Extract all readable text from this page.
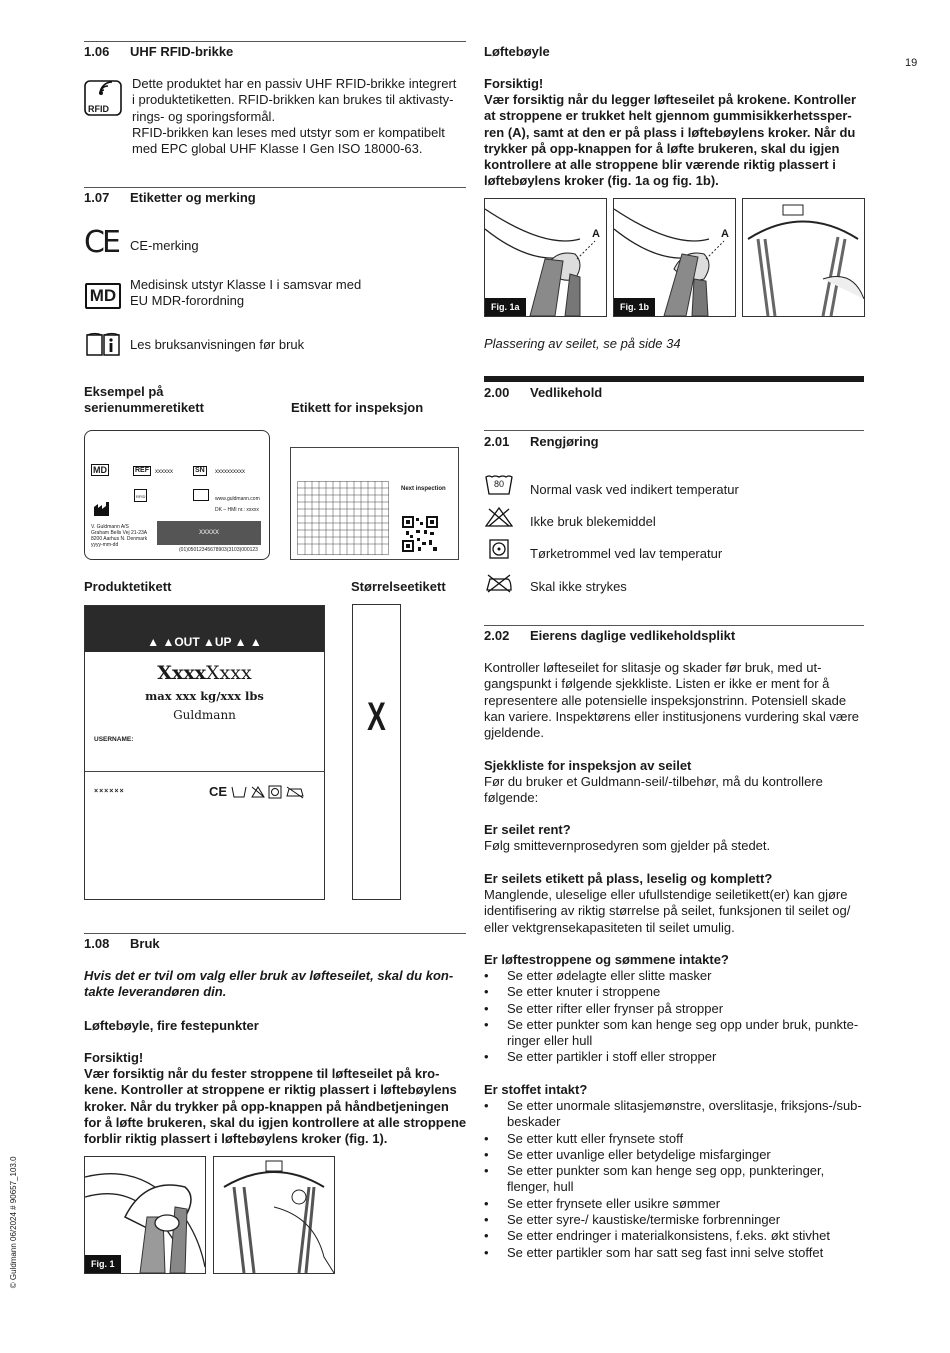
19
© Guldmann 06/2024 # 90657_103.0
1.06 UHF RFID-brikke
RFID
Dette produktet har en passiv UHF RFID-brikke integrert
i produktetiketten. RFID-brikken kan brukes til aktivasty-
rings- og sporingsformål.
RFID-brikken kan leses med utstyr som er kompatibelt
med EPC global UHF Klasse I Gen ISO 18000-63.
1.07 Etiketter og merking
CE CE-merking
MD
Medisinsk utstyr Klasse I i samsvar med
EU MDR-forordning
Les bruksanvisningen før bruk
Eksempel på
serienummeretikett	Etikett for inspeksjon
MD	REF	xxxxxx	SN	xxxxxxxxxx
RFID	www.guldmann.com
DK – HMI nr.: xxxxx
V. Guldmann A/S
Graham Bells Vej 21-23A
8200 Aarhus N. Denmark
yyyy-mm-dd
XXXXX
(01)05012345678903(3103)000123
Next inspection
Produktetikett	Størrelseetikett
▲ ▲OUT ▲UP ▲ ▲
XxxxXxxx
max xxx kg/xxx lbs
Guldmann
USERNAME:
××××××	CE
X
1.08 Bruk
Hvis det er tvil om valg eller bruk av løfteseilet, skal du kon-
takte leverandøren din.
Løftebøyle, fire festepunkter
Forsiktig!
Vær forsiktig når du fester stroppene til løfteseilet på kro-
kene. Kontroller at stroppene er riktig plassert i løftebøylens
kroker. Når du trykker på opp-knappen på håndbetjeningen
for å løfte brukeren, skal du igjen kontrollere at alle stroppene
forblir riktig plassert i løftebøylens kroker (fig. 1).
Fig. 1
Løftebøyle
Forsiktig!
Vær forsiktig når du legger løfteseilet på krokene. Kontroller
at stroppene er trukket helt gjennom gummisikkerhetssper-
ren (A), samt at den er på plass i løftebøylens kroker. Når du
trykker på opp-knappen for å løfte brukeren, skal du igjen
kontrollere at alle stroppene blir værende riktig plassert i
løftebøylens kroker (fig. 1a og fig. 1b).
A
Fig. 1a
A
Fig. 1b
Plassering av seilet, se på side 34
2.00 Vedlikehold
2.01 Rengjøring
80 Normal vask ved indikert temperatur
Ikke bruk blekemiddel
Tørketrommel ved lav temperatur
Skal ikke strykes
2.02 Eierens daglige vedlikeholdsplikt
Kontroller løfteseilet for slitasje og skader før bruk, med ut-
gangspunkt i følgende sjekkliste. Listen er ikke er ment for å
representere alle potensielle inspeksjonstrinn. Potensiell skade
kan variere. Inspektørens eller institusjonens vurdering skal være
gjeldende.
Sjekkliste for inspeksjon av seilet
Før du bruker et Guldmann-seil/-tilbehør, må du kontrollere
følgende:
Er seilet rent?
Følg smittevernprosedyren som gjelder på stedet.
Er seilets etikett på plass, leselig og komplett?
Manglende, uleselige eller ufullstendige seiletikett(er) kan gjøre
identifisering av riktig størrelse på seilet, funksjonen til seilet og/
eller vektgrensekapasiteten til seilet umulig.
Er løftestroppene og sømmene intakte?
• Se etter ødelagte eller slitte masker
• Se etter knuter i stroppene
• Se etter rifter eller frynser på stropper
• Se etter punkter som kan henge seg opp under bruk, punkte-
ringer eller hull
• Se etter partikler i stoff eller stropper
Er stoffet intakt?
• Se etter unormale slitasjemønstre, overslitasje, friksjons-/sub-
beskader
• Se etter kutt eller frynsete stoff
• Se etter uvanlige eller betydelige misfarginger
• Se etter punkter som kan henge seg opp, punkteringer,
flenger, hull
• Se etter frynsete eller usikre sømmer
• Se etter syre-/ kaustiske/termiske forbrenninger
• Se etter endringer i materialkonsistens, f.eks. økt stivhet
• Se etter partikler som har satt seg fast inni selve stoffet
